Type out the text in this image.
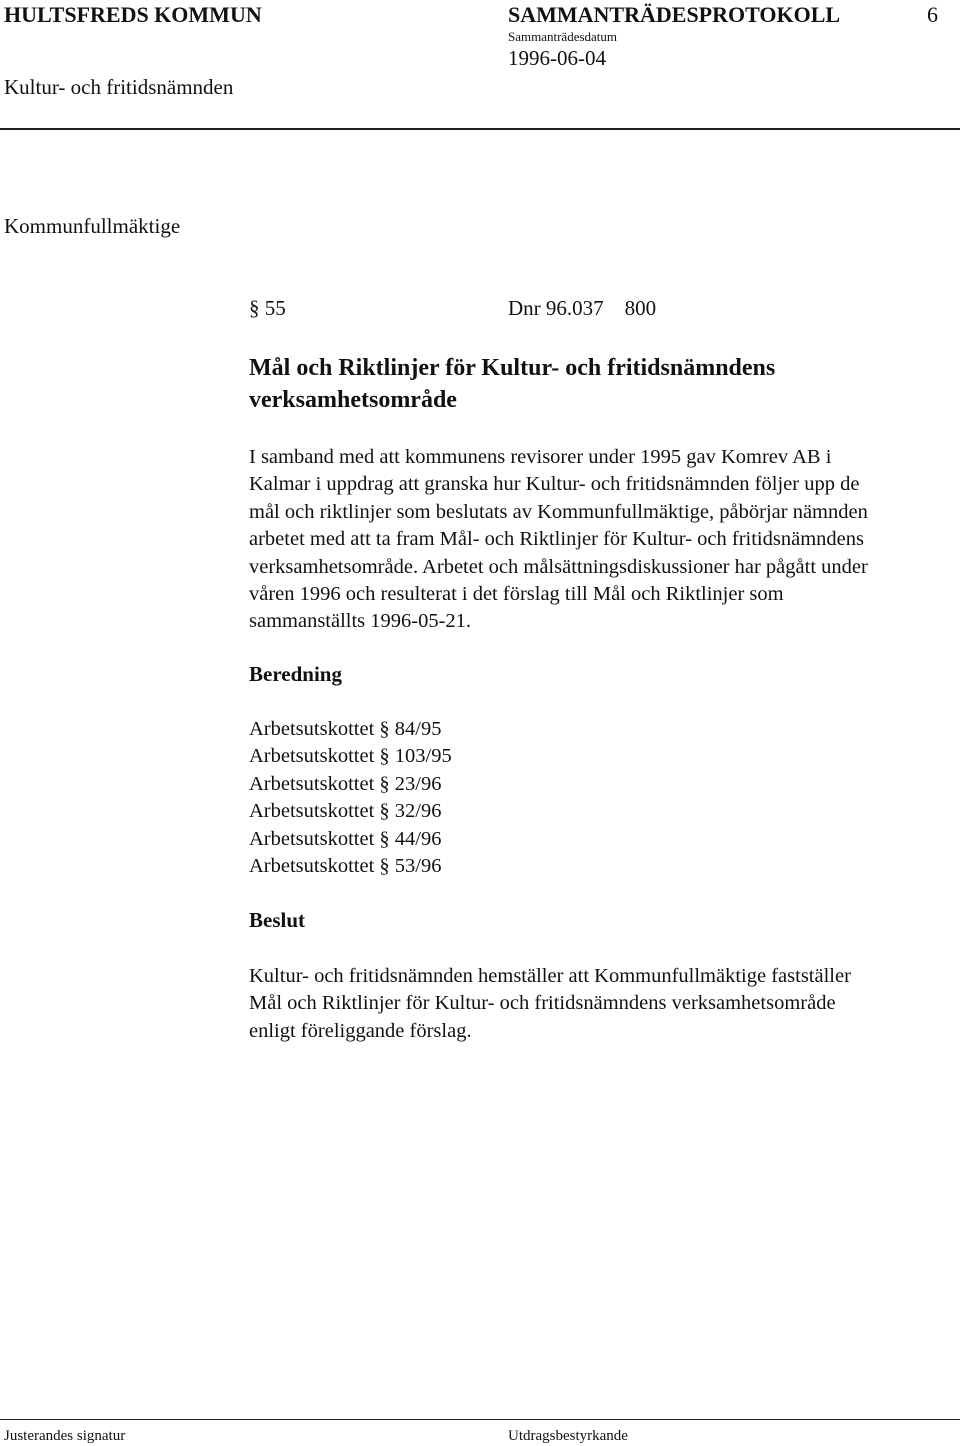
HULTSFREDS KOMMUN	SAMMANTRÄDESPROTOKOLL	6
Sammanträdesdatum
1996-06-04
Kultur- och fritidsnämnden
Kommunfullmäktige
§ 55	Dnr 96.037    800
Mål och Riktlinjer för Kultur- och fritidsnämndens verksamhetsområde
I samband med att kommunens revisorer under 1995 gav Komrev AB i
Kalmar i uppdrag att granska hur Kultur- och fritidsnämnden följer upp de
mål och riktlinjer som beslutats av Kommunfullmäktige, påbörjar nämnden
arbetet med att ta fram Mål- och Riktlinjer för Kultur- och fritidsnämndens
verksamhetsområde. Arbetet och målsättningsdiskussioner har pågått under
våren 1996 och resulterat i det förslag till Mål och Riktlinjer som
sammanställts 1996-05-21.
Beredning
Arbetsutskottet § 84/95
Arbetsutskottet § 103/95
Arbetsutskottet § 23/96
Arbetsutskottet § 32/96
Arbetsutskottet § 44/96
Arbetsutskottet § 53/96
Beslut
Kultur- och fritidsnämnden hemställer att Kommunfullmäktige fastställer
Mål och Riktlinjer för Kultur- och fritidsnämndens verksamhetsområde
enligt föreliggande förslag.
Justerandes signatur	Utdragsbestyrkande
